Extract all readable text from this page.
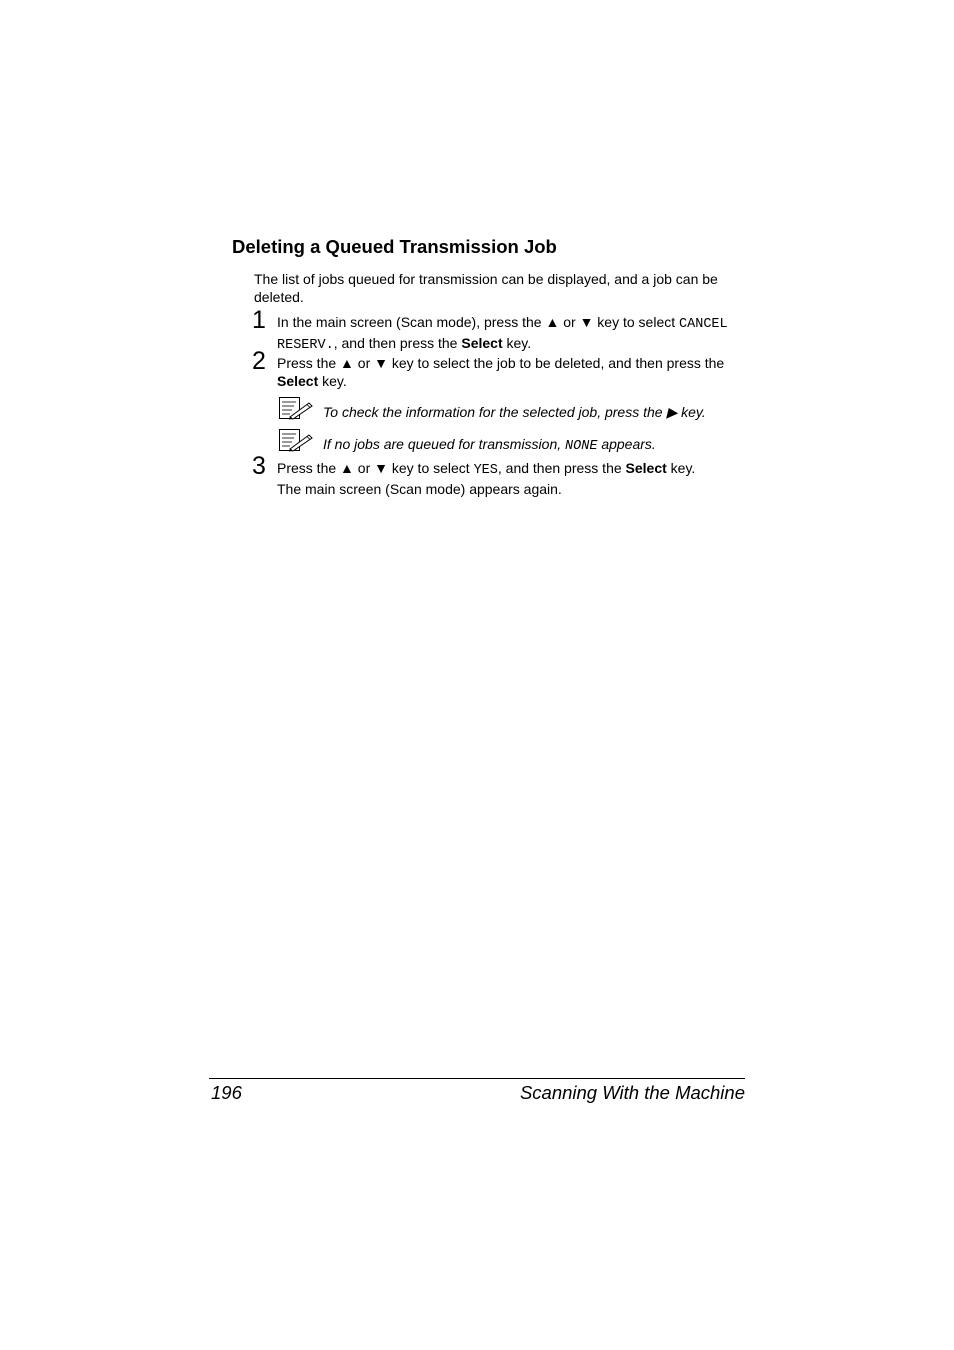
Deleting a Queued Transmission Job

The list of jobs queued for transmission can be displayed, and a job can be deleted.

1 In the main screen (Scan mode), press the ▲ or ▼ key to select CANCEL RESERV., and then press the Select key.

2 Press the ▲ or ▼ key to select the job to be deleted, and then press the Select key.

To check the information for the selected job, press the ▶ key.

If no jobs are queued for transmission, NONE appears.

3 Press the ▲ or ▼ key to select YES, and then press the Select key.
The main screen (Scan mode) appears again.

196	Scanning With the Machine
